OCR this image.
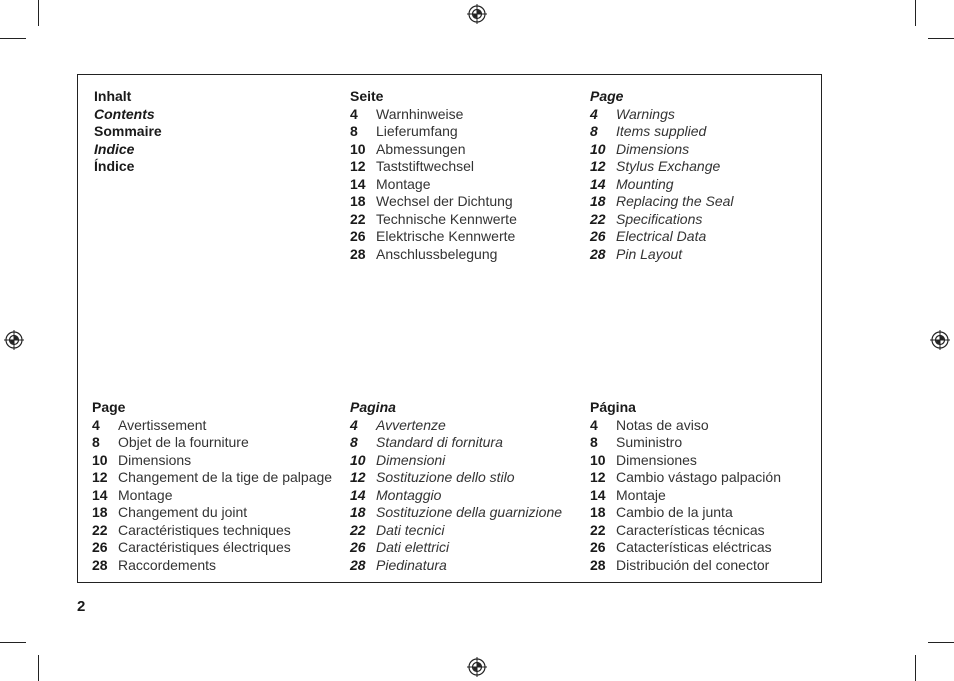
Inhalt
Contents
Sommaire
Indice
Índice
Seite
4	Warnhinweise
8	Lieferumfang
10 Abmessungen
12 Taststiftwechsel
14 Montage
18 Wechsel der Dichtung
22 Technische Kennwerte
26 Elektrische Kennwerte
28 Anschlussbelegung
Page
4	Warnings
8	Items supplied
10 Dimensions
12 Stylus Exchange
14 Mounting
18 Replacing the Seal
22 Specifications
26 Electrical Data
28 Pin Layout
Page
4	Avertissement
8	Objet de la fourniture
10 Dimensions
12 Changement de la tige de palpage
14 Montage
18 Changement du joint
22 Caractéristiques techniques
26 Caractéristiques électriques
28 Raccordements
Pagina
4	Avvertenze
8	Standard di fornitura
10 Dimensioni
12 Sostituzione dello stilo
14 Montaggio
18 Sostituzione della guarnizione
22 Dati tecnici
26 Dati elettrici
28 Piedinatura
Página
4	Notas de aviso
8	Suministro
10 Dimensiones
12 Cambio vástago palpación
14 Montaje
18 Cambio de la junta
22 Características técnicas
26 Catacterísticas eléctricas
28 Distribución del conector
2
